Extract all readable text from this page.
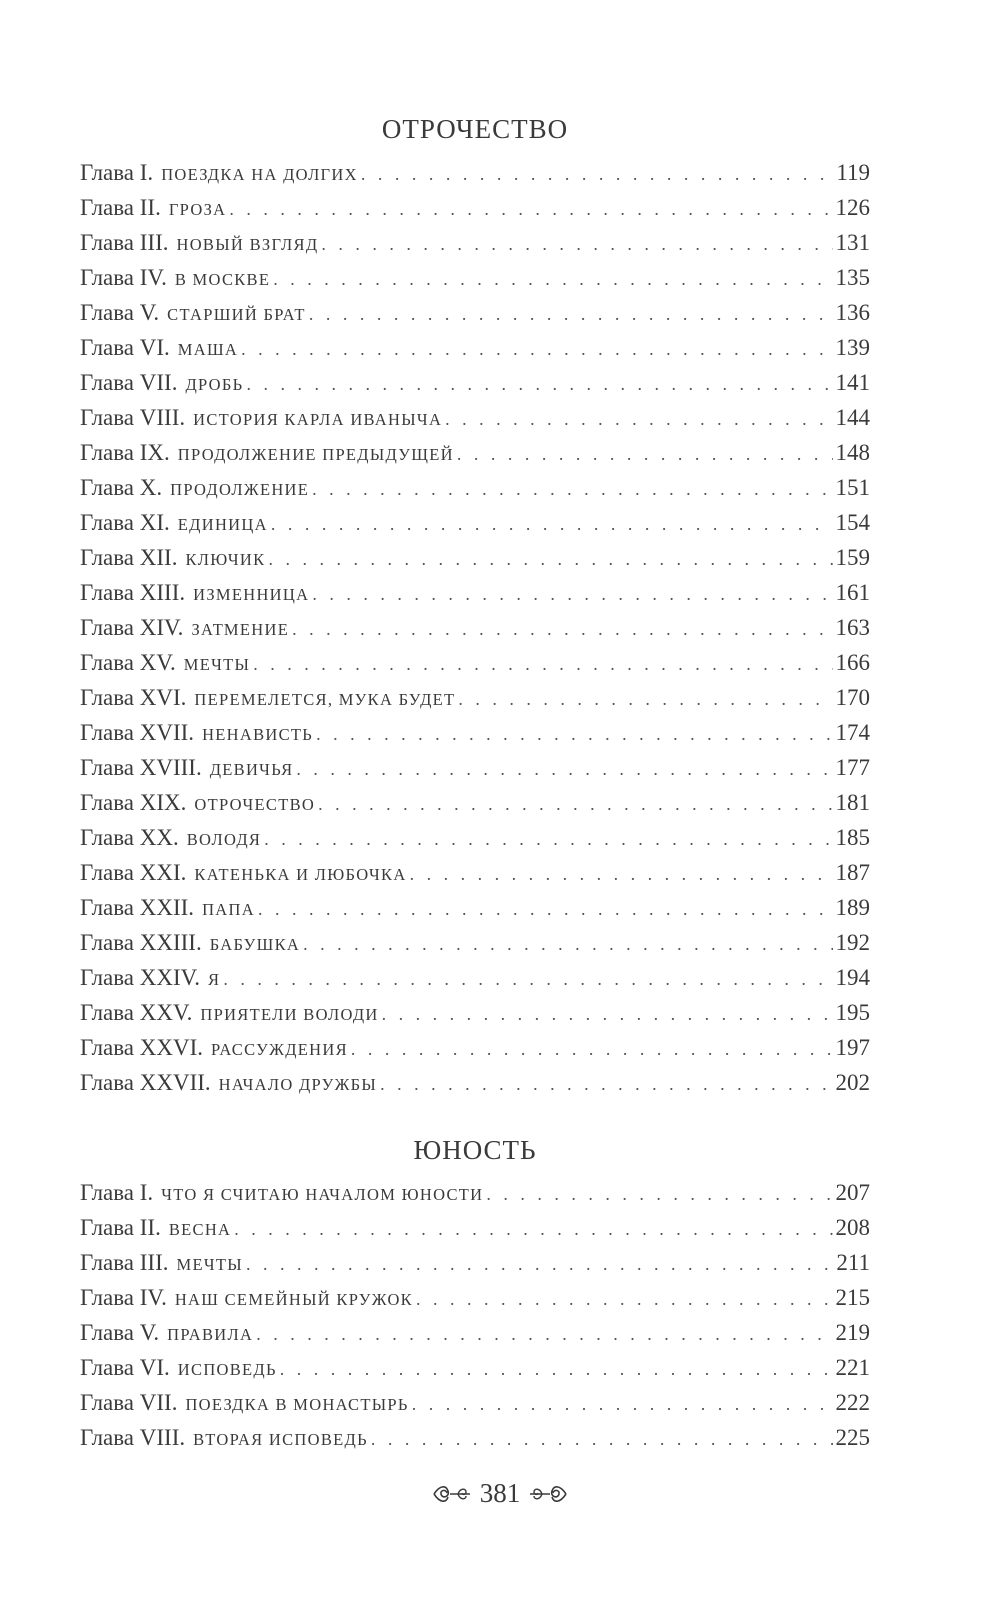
ОТРОЧЕСТВО
Глава I. ПОЕЗДКА НА ДОЛГИХ . . .	119
Глава II. ГРОЗА . . .	126
Глава III. НОВЫЙ ВЗГЛЯД . . .	131
Глава IV. В МОСКВЕ . . .	135
Глава V. СТАРШИЙ БРАТ . . .	136
Глава VI. МАША . . .	139
Глава VII. ДРОБЬ . . .	141
Глава VIII. ИСТОРИЯ КАРЛА ИВАНЫЧА . . .	144
Глава IX. ПРОДОЛЖЕНИЕ ПРЕДЫДУЩЕЙ . . .	148
Глава X. ПРОДОЛЖЕНИЕ . . .	151
Глава XI. ЕДИНИЦА . . .	154
Глава XII. КЛЮЧИК . . .	159
Глава XIII. ИЗМЕННИЦА . . .	161
Глава XIV. ЗАТМЕНИЕ . . .	163
Глава XV. МЕЧТЫ . . .	166
Глава XVI. ПЕРЕМЕЛЕТСЯ, МУКА БУДЕТ . . .	170
Глава XVII. НЕНАВИСТЬ . . .	174
Глава XVIII. ДЕВИЧЬЯ . . .	177
Глава XIX. ОТРОЧЕСТВО . . .	181
Глава XX. ВОЛОДЯ . . .	185
Глава XXI. КАТЕНЬКА И ЛЮБОЧКА . . .	187
Глава XXII. ПАПА . . .	189
Глава XXIII. БАБУШКА . . .	192
Глава XXIV. Я . . .	194
Глава XXV. ПРИЯТЕЛИ ВОЛОДИ . . .	195
Глава XXVI. РАССУЖДЕНИЯ . . .	197
Глава XXVII. НАЧАЛО ДРУЖБЫ . . .	202
ЮНОСТЬ
Глава I. ЧТО Я СЧИТАЮ НАЧАЛОМ ЮНОСТИ . . .	207
Глава II. ВЕСНА . . .	208
Глава III. МЕЧТЫ . . .	211
Глава IV. НАШ СЕМЕЙНЫЙ КРУЖОК . . .	215
Глава V. ПРАВИЛА . . .	219
Глава VI. ИСПОВЕДЬ . . .	221
Глава VII. ПОЕЗДКА В МОНАСТЫРЬ . . .	222
Глава VIII. ВТОРАЯ ИСПОВЕДЬ . . .	225
381
